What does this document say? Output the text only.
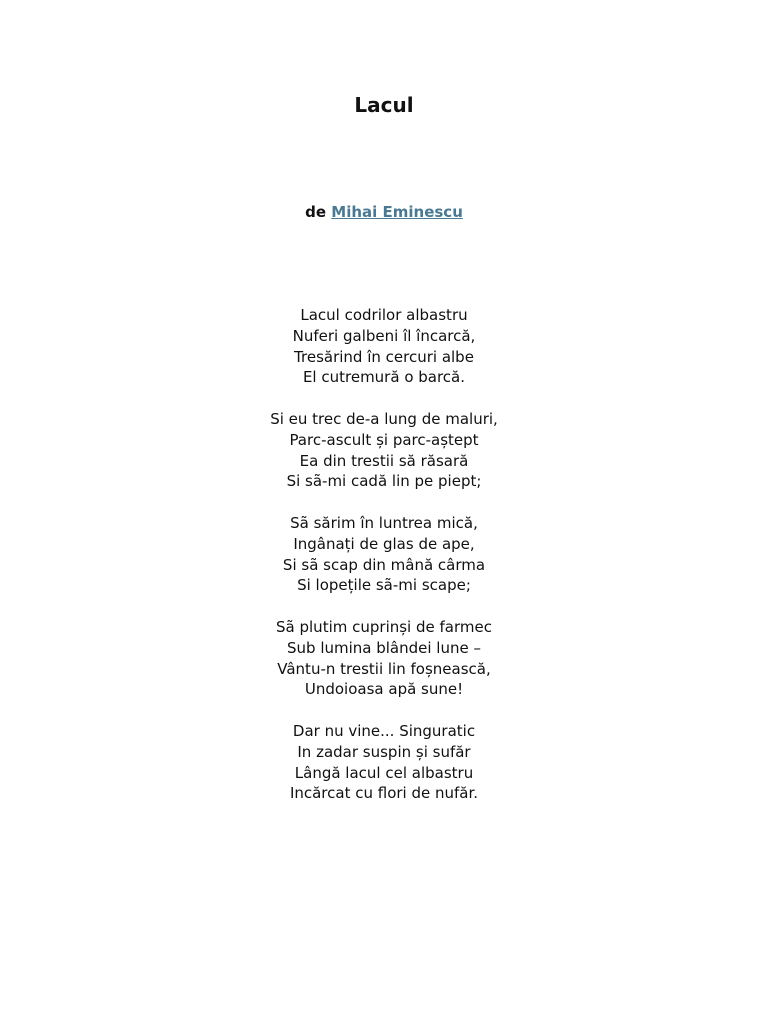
Lacul
de Mihai Eminescu

Lacul codrilor albastru
Nuferi galbeni îl încarcă,
Tresărind în cercuri albe
El cutremură o barcă.

Si eu trec de-a lung de maluri,
Parc-ascult și parc-aștept
Ea din trestii să răsară
Si sã-mi cadă lin pe piept;

Sã sărim în luntrea mică,
Ingânați de glas de ape,
Si sã scap din mână cârma
Si lopețile sã-mi scape;

Sã plutim cuprinși de farmec
Sub lumina blândei lune –
Vântu-n trestii lin foșnească,
Undoioasa apă sune!

Dar nu vine... Singuratic
In zadar suspin și sufăr
Lângă lacul cel albastru
Incărcat cu flori de nufăr.
